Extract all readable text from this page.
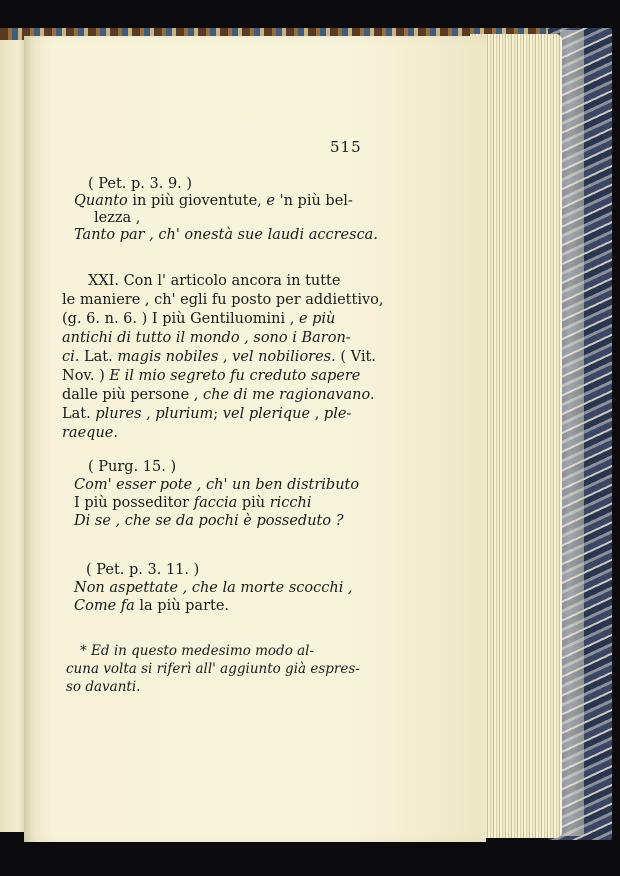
515
( Pet. p. 3. 9. )
Quanto in più gioventute, e 'n più bel-
lezza ,
Tanto par , ch' onestà sue laudi accresca.
XXI. Con l' articolo ancora in tutte
le maniere , ch' egli fu posto per addiettivo,
(g. 6. n. 6. ) I più Gentiluomini , e più
antichi di tutto il mondo , sono i Baron-
ci. Lat. magis nobiles , vel nobiliores. ( Vit.
Nov. ) E il mio segreto fu creduto sapere
dalle più persone , che di me ragionavano.
Lat. plures , plurium; vel plerique , ple-
raeque.
( Purg. 15. )
Com' esser pote , ch' un ben distributo
I più posseditor faccia più ricchi
Di se , che se da pochi è posseduto ?
( Pet. p. 3. 11. )
Non aspettate , che la morte scocchi ,
Come fa la più parte.
* Ed in questo medesimo modo al-
cuna volta si riferì all' aggiunto già espres-
so davanti.
